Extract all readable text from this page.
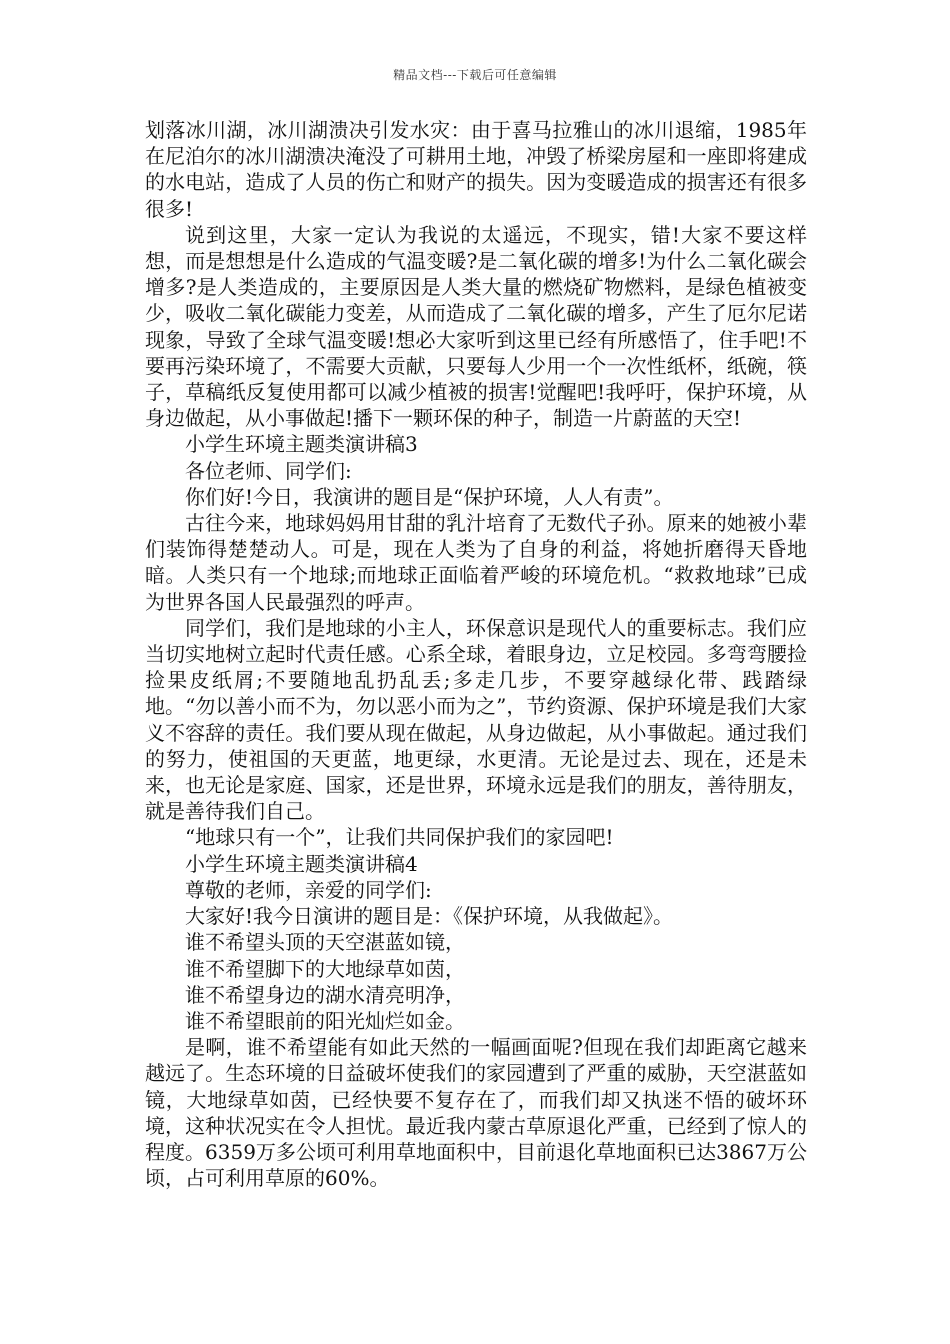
精品文档---下载后可任意编辑

划落冰川湖，冰川湖溃决引发水灾：由于喜马拉雅山的冰川退缩，1985年在尼泊尔的冰川湖溃决淹没了可耕用土地，冲毁了桥梁房屋和一座即将建成的水电站，造成了人员的伤亡和财产的损失。因为变暖造成的损害还有很多很多!

说到这里，大家一定认为我说的太遥远，不现实，错!大家不要这样想，而是想想是什么造成的气温变暖?是二氧化碳的增多!为什么二氧化碳会增多?是人类造成的，主要原因是人类大量的燃烧矿物燃料，是绿色植被变少，吸收二氧化碳能力变差，从而造成了二氧化碳的增多，产生了厄尔尼诺现象，导致了全球气温变暖!想必大家听到这里已经有所感悟了，住手吧!不要再污染环境了，不需要大贡献，只要每人少用一个一次性纸杯，纸碗，筷子，草稿纸反复使用都可以减少植被的损害!觉醒吧!我呼吁，保护环境，从身边做起，从小事做起!播下一颗环保的种子，制造一片蔚蓝的天空!

小学生环境主题类演讲稿3

各位老师、同学们:

你们好!今日，我演讲的题目是“保护环境，人人有责”。

古往今来，地球妈妈用甘甜的乳汁培育了无数代子孙。原来的她被小辈们装饰得楚楚动人。可是，现在人类为了自身的利益，将她折磨得天昏地暗。人类只有一个地球;而地球正面临着严峻的环境危机。“救救地球”已成为世界各国人民最强烈的呼声。

同学们，我们是地球的小主人，环保意识是现代人的重要标志。我们应当切实地树立起时代责任感。心系全球，着眼身边，立足校园。多弯弯腰捡捡果皮纸屑;不要随地乱扔乱丢;多走几步，不要穿越绿化带、践踏绿地。“勿以善小而不为，勿以恶小而为之”，节约资源、保护环境是我们大家义不容辞的责任。我们要从现在做起，从身边做起，从小事做起。通过我们的努力，使祖国的天更蓝，地更绿，水更清。无论是过去、现在，还是未来，也无论是家庭、国家，还是世界，环境永远是我们的朋友，善待朋友，就是善待我们自己。

“地球只有一个”，让我们共同保护我们的家园吧!

小学生环境主题类演讲稿4

尊敬的老师，亲爱的同学们:

大家好!我今日演讲的题目是：《保护环境，从我做起》。

谁不希望头顶的天空湛蓝如镜，

谁不希望脚下的大地绿草如茵，

谁不希望身边的湖水清亮明净，

谁不希望眼前的阳光灿烂如金。

是啊，谁不希望能有如此天然的一幅画面呢?但现在我们却距离它越来越远了。生态环境的日益破坏使我们的家园遭到了严重的威胁，天空湛蓝如镜，大地绿草如茵，已经快要不复存在了，而我们却又执迷不悟的破坏环境，这种状况实在令人担忧。最近我内蒙古草原退化严重，已经到了惊人的程度。6359万多公顷可利用草地面积中，目前退化草地面积已达3867万公顷，占可利用草原的60%。
